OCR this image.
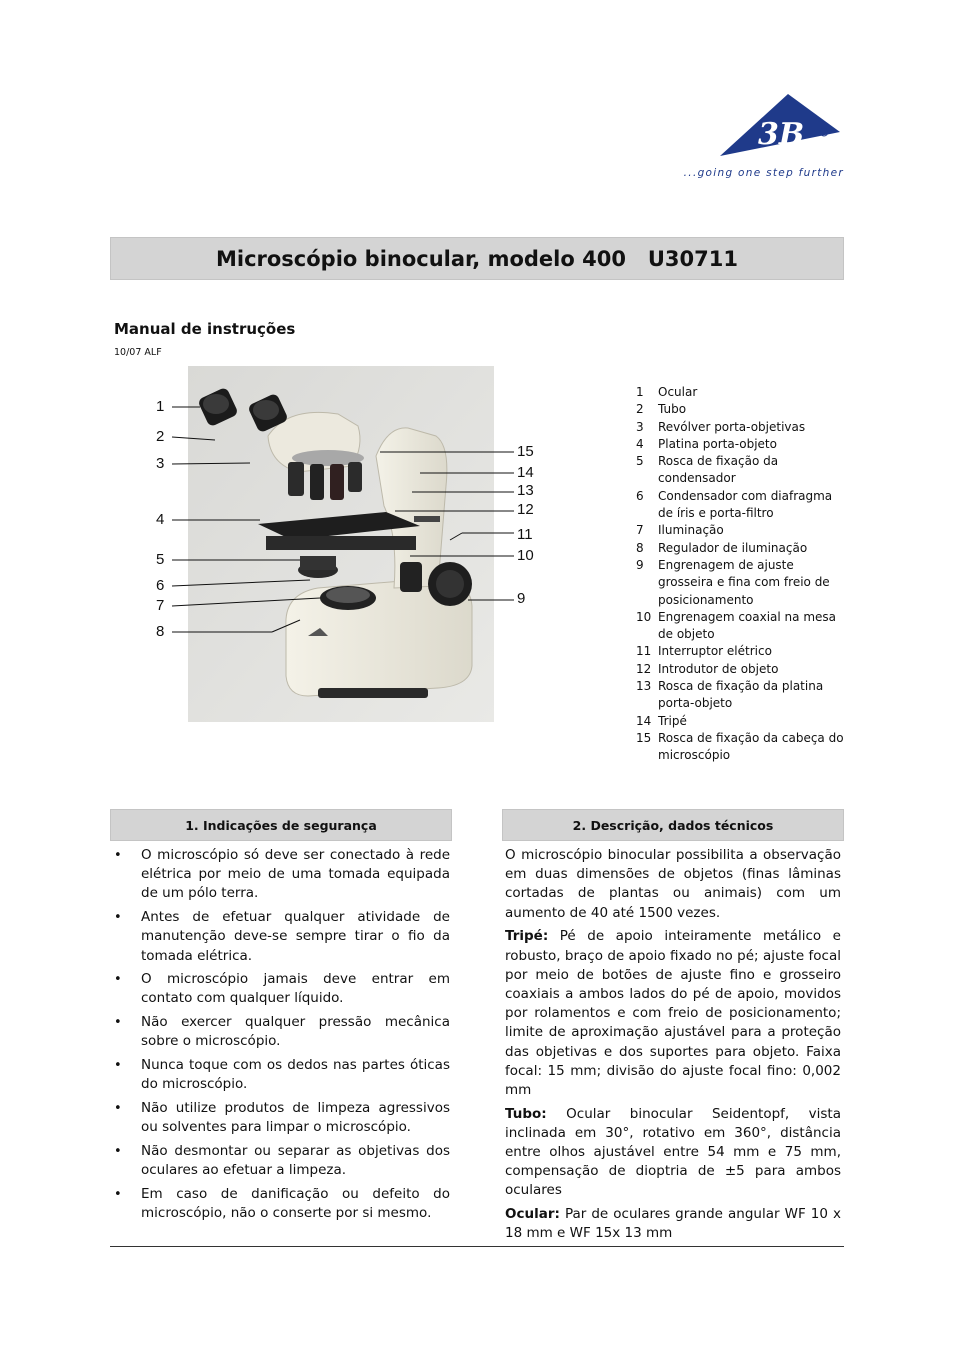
3B
...going one step further
Microscópio binocular, modelo 400   U30711
Manual de instruções
10/07 ALF
1
2
3
4
5
6
7
8
15
14
13
12
11
10
9
1	Ocular
2	Tubo
3	Revólver porta-objetivas
4	Platina porta-objeto
5	Rosca de fixação da condensador
6	Condensador com diafragma de íris e porta-filtro
7	Iluminação
8	Regulador de iluminação
9	Engrenagem de ajuste grosseira e fina com freio de posicionamento
10 Engrenagem coaxial na mesa de objeto
11 Interruptor elétrico
12 Introdutor de objeto
13 Rosca de fixação da platina porta-objeto
14 Tripé
15 Rosca de fixação da cabeça do microscópio
1. Indicações de segurança	2. Descrição, dados técnicos
• O microscópio só deve ser conectado à rede elétrica por meio de uma tomada equipada de um pólo terra.
• Antes de efetuar qualquer atividade de manutenção deve-se sempre tirar o fio da tomada elétrica.
• O microscópio jamais deve entrar em contato com qualquer líquido.
• Não exercer qualquer pressão mecânica sobre o microscópio.
• Nunca toque com os dedos nas partes óticas do microscópio.
• Não utilize produtos de limpeza agressivos ou solventes para limpar o microscópio.
• Não desmontar ou separar as objetivas dos oculares ao efetuar a limpeza.
• Em caso de danificação ou defeito do microscópio, não o conserte por si mesmo.

O microscópio binocular possibilita a observação em duas dimensões de objetos (finas lâminas cortadas de plantas ou animais) com um aumento de 40 até 1500 vezes.

Tripé: Pé de apoio inteiramente metálico e robusto, braço de apoio fixado no pé; ajuste focal por meio de botões de ajuste fino e grosseiro coaxiais a ambos lados do pé de apoio, movidos por rolamentos e com freio de posicionamento; limite de aproximação ajustável para a proteção das objetivas e dos suportes para objeto. Faixa focal: 15 mm; divisão do ajuste focal fino: 0,002 mm

Tubo: Ocular binocular Seidentopf, vista inclinada em 30°, rotativo em 360°, distância entre olhos ajustável entre 54 mm e 75 mm, compensação de dioptria de ±5 para ambos oculares

Ocular: Par de oculares grande angular WF 10 x 18 mm e WF 15x 13 mm
